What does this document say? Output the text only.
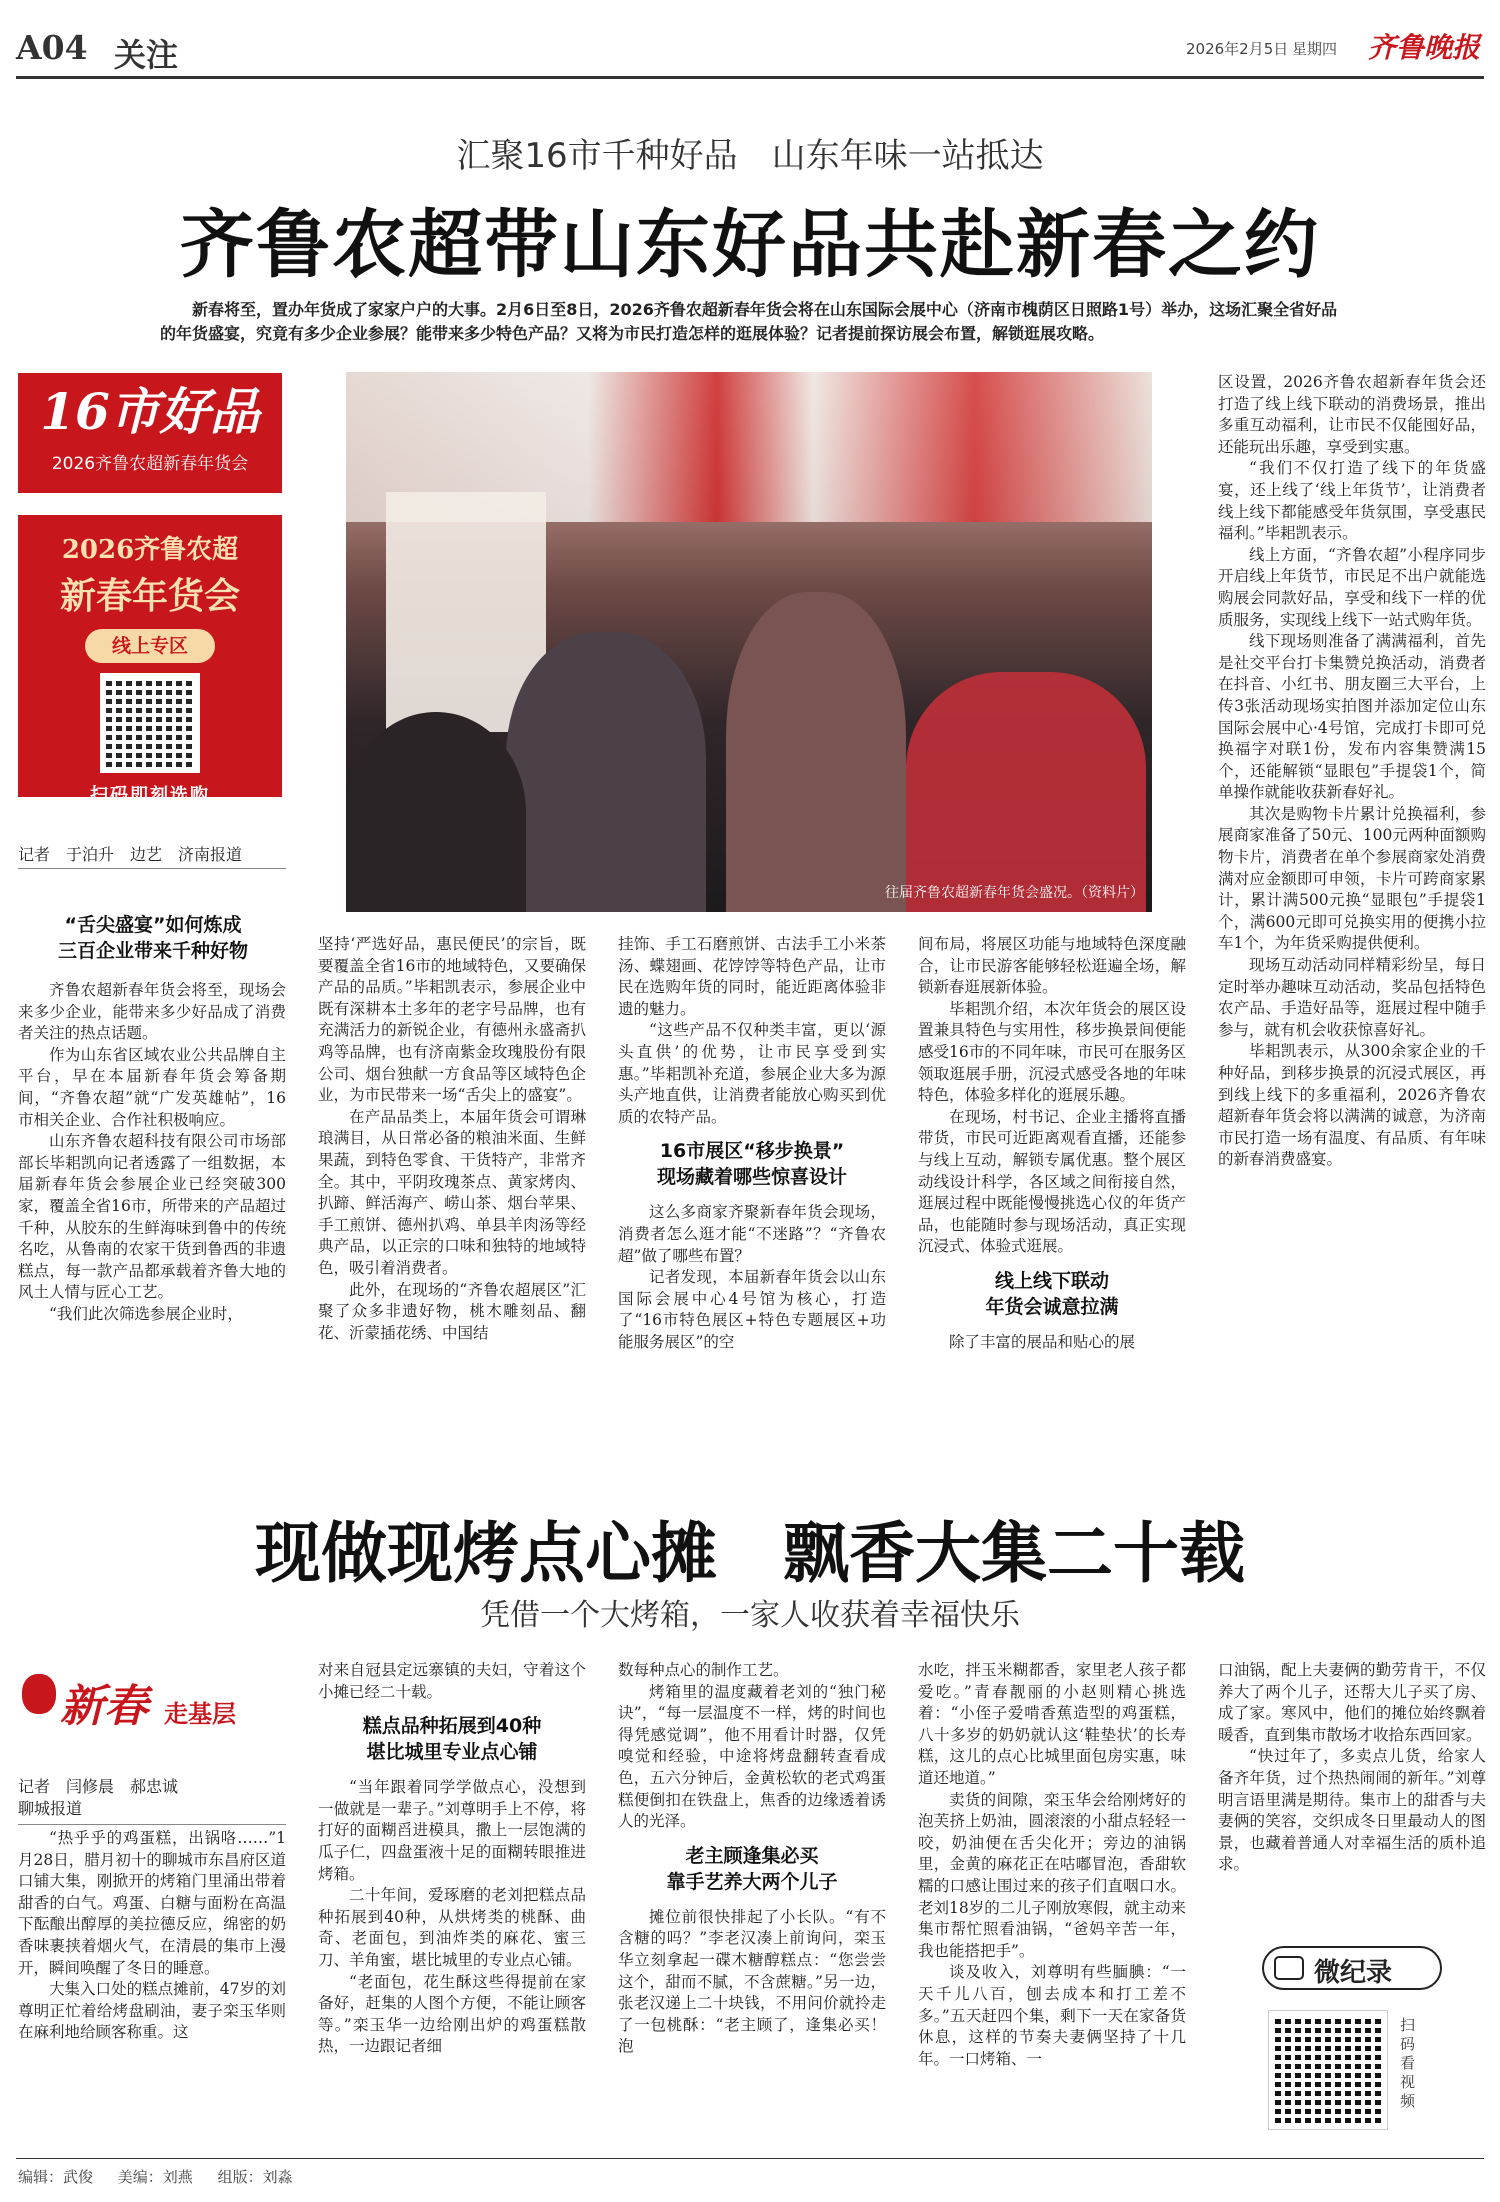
A04 关注	2026年2月5日 星期四 齐鲁晚报
汇聚16市千种好品　山东年味一站抵达
齐鲁农超带山东好品共赴新春之约
新春将至，置办年货成了家家户户的大事。2月6日至8日，2026齐鲁农超新春年货会将在山东国际会展中心（济南市槐荫区日照路1号）举办，这场汇聚全省好品的年货盛宴，究竟有多少企业参展？能带来多少特色产品？又将为市民打造怎样的逛展体验？记者提前探访展会布置，解锁逛展攻略。
16市好品
2026齐鲁农超新春年货会
2026齐鲁农超
新春年货会
线上专区
扫码即刻选购
记者　于泊升　边艺　济南报道
往届齐鲁农超新春年货会盛况。（资料片）
“舌尖盛宴”如何炼成
三百企业带来千种好物

齐鲁农超新春年货会将至，现场会来多少企业，能带来多少好品成了消费者关注的热点话题。

作为山东省区域农业公共品牌自主平台，早在本届新春年货会筹备期间，“齐鲁农超”就“广发英雄帖”，16市相关企业、合作社积极响应。

山东齐鲁农超科技有限公司市场部部长毕耜凯向记者透露了一组数据，本届新春年货会参展企业已经突破300家，覆盖全省16市，所带来的产品超过千种，从胶东的生鲜海味到鲁中的传统名吃，从鲁南的农家干货到鲁西的非遗糕点，每一款产品都承载着齐鲁大地的风土人情与匠心工艺。

“我们此次筛选参展企业时，

坚持‘严选好品，惠民便民’的宗旨，既要覆盖全省16市的地域特色，又要确保产品的品质。”毕耜凯表示，参展企业中既有深耕本土多年的老字号品牌，也有充满活力的新锐企业，有德州永盛斋扒鸡等品牌，也有济南紫金玫瑰股份有限公司、烟台独献一方食品等区域特色企业，为市民带来一场“舌尖上的盛宴”。

在产品品类上，本届年货会可谓琳琅满目，从日常必备的粮油米面、生鲜果蔬，到特色零食、干货特产，非常齐全。其中，平阴玫瑰茶点、黄家烤肉、扒蹄、鲜活海产、崂山茶、烟台苹果、手工煎饼、德州扒鸡、单县羊肉汤等经典产品，以正宗的口味和独特的地域特色，吸引着消费者。

此外，在现场的“齐鲁农超展区”汇聚了众多非遗好物，桃木雕刻品、翻花、沂蒙插花绣、中国结

挂饰、手工石磨煎饼、古法手工小米茶汤、蝶翅画、花饽饽等特色产品，让市民在选购年货的同时，能近距离体验非遗的魅力。

“这些产品不仅种类丰富，更以‘源头直供’的优势，让市民享受到实惠。”毕耜凯补充道，参展企业大多为源头产地直供，让消费者能放心购买到优质的农特产品。

16市展区“移步换景”
现场藏着哪些惊喜设计

这么多商家齐聚新春年货会现场，消费者怎么逛才能“不迷路”？“齐鲁农超”做了哪些布置？

记者发现，本届新春年货会以山东国际会展中心4号馆为核心，打造了“16市特色展区+特色专题展区+功能服务展区”的空

间布局，将展区功能与地域特色深度融合，让市民游客能够轻松逛遍全场，解锁新春逛展新体验。

毕耜凯介绍，本次年货会的展区设置兼具特色与实用性，移步换景间便能感受16市的不同年味，市民可在服务区领取逛展手册，沉浸式感受各地的年味特色，体验多样化的逛展乐趣。

在现场，村书记、企业主播将直播带货，市民可近距离观看直播，还能参与线上互动，解锁专属优惠。整个展区动线设计科学，各区域之间衔接自然，逛展过程中既能慢慢挑选心仪的年货产品，也能随时参与现场活动，真正实现沉浸式、体验式逛展。

线上线下联动
年货会诚意拉满

除了丰富的展品和贴心的展

区设置，2026齐鲁农超新春年货会还打造了线上线下联动的消费场景，推出多重互动福利，让市民不仅能囤好品，还能玩出乐趣，享受到实惠。

“我们不仅打造了线下的年货盛宴，还上线了‘线上年货节’，让消费者线上线下都能感受年货氛围，享受惠民福利。”毕耜凯表示。

线上方面，“齐鲁农超”小程序同步开启线上年货节，市民足不出户就能选购展会同款好品，享受和线下一样的优质服务，实现线上线下一站式购年货。

线下现场则准备了满满福利，首先是社交平台打卡集赞兑换活动，消费者在抖音、小红书、朋友圈三大平台，上传3张活动现场实拍图并添加定位山东国际会展中心·4号馆，完成打卡即可兑换福字对联1份，发布内容集赞满15个，还能解锁“显眼包”手提袋1个，简单操作就能收获新春好礼。

其次是购物卡片累计兑换福利，参展商家准备了50元、100元两种面额购物卡片，消费者在单个参展商家处消费满对应金额即可申领，卡片可跨商家累计，累计满500元换“显眼包”手提袋1个，满600元即可兑换实用的便携小拉车1个，为年货采购提供便利。

现场互动活动同样精彩纷呈，每日定时举办趣味互动活动，奖品包括特色农产品、手造好品等，逛展过程中随手参与，就有机会收获惊喜好礼。

毕耜凯表示，从300余家企业的千种好品，到移步换景的沉浸式展区，再到线上线下的多重福利，2026齐鲁农超新春年货会将以满满的诚意，为济南市民打造一场有温度、有品质、有年味的新春消费盛宴。

现做现烤点心摊　飘香大集二十载
凭借一个大烤箱，一家人收获着幸福快乐
新春 走基层
记者　闫修晨　郝忠诚
聊城报道

“热乎乎的鸡蛋糕，出锅咯……”1月28日，腊月初十的聊城市东昌府区道口铺大集，刚掀开的烤箱门里涌出带着甜香的白气。鸡蛋、白糖与面粉在高温下酝酿出醇厚的美拉德反应，绵密的奶香味裹挟着烟火气，在清晨的集市上漫开，瞬间唤醒了冬日的睡意。

大集入口处的糕点摊前，47岁的刘尊明正忙着给烤盘刷油，妻子栾玉华则在麻利地给顾客称重。这

对来自冠县定远寨镇的夫妇，守着这个小摊已经二十载。

糕点品种拓展到40种
堪比城里专业点心铺

“当年跟着同学学做点心，没想到一做就是一辈子。”刘尊明手上不停，将打好的面糊舀进模具，撒上一层饱满的瓜子仁，四盘蛋液十足的面糊转眼推进烤箱。

二十年间，爱琢磨的老刘把糕点品种拓展到40种，从烘烤类的桃酥、曲奇、老面包，到油炸类的麻花、蜜三刀、羊角蜜，堪比城里的专业点心铺。

“老面包，花生酥这些得提前在家备好，赶集的人图个方便，不能让顾客等。”栾玉华一边给刚出炉的鸡蛋糕散热，一边跟记者细

数每种点心的制作工艺。

烤箱里的温度藏着老刘的“独门秘诀”，“每一层温度不一样，烤的时间也得凭感觉调”，他不用看计时器，仅凭嗅觉和经验，中途将烤盘翻转查看成色，五六分钟后，金黄松软的老式鸡蛋糕便倒扣在铁盘上，焦香的边缘透着诱人的光泽。

老主顾逢集必买
靠手艺养大两个儿子

摊位前很快排起了小长队。“有不含糖的吗？”李老汉凑上前询问，栾玉华立刻拿起一碟木糖醇糕点：“您尝尝这个，甜而不腻，不含蔗糖。”另一边，张老汉递上二十块钱，不用问价就拎走了一包桃酥：“老主顾了，逢集必买！泡

水吃，拌玉米糊都香，家里老人孩子都爱吃。”青春靓丽的小赵则精心挑选着：“小侄子爱啃香蕉造型的鸡蛋糕，八十多岁的奶奶就认这‘鞋垫状’的长寿糕，这儿的点心比城里面包房实惠，味道还地道。”

卖货的间隙，栾玉华会给刚烤好的泡芙挤上奶油，圆滚滚的小甜点轻轻一咬，奶油便在舌尖化开；旁边的油锅里，金黄的麻花正在咕嘟冒泡，香甜软糯的口感让围过来的孩子们直咽口水。老刘18岁的二儿子刚放寒假，就主动来集市帮忙照看油锅，“爸妈辛苦一年，我也能搭把手”。

谈及收入，刘尊明有些腼腆：“一天千儿八百，刨去成本和打工差不多。”五天赶四个集，剩下一天在家备货休息，这样的节奏夫妻俩坚持了十几年。一口烤箱、一

口油锅，配上夫妻俩的勤劳肯干，不仅养大了两个儿子，还帮大儿子买了房、成了家。寒风中，他们的摊位始终飘着暖香，直到集市散场才收拾东西回家。

“快过年了，多卖点儿货，给家人备齐年货，过个热热闹闹的新年。”刘尊明言语里满是期待。集市上的甜香与夫妻俩的笑容，交织成冬日里最动人的图景，也藏着普通人对幸福生活的质朴追求。

微纪录
扫码看视频
编辑：武俊 美编：刘燕 组版：刘淼
